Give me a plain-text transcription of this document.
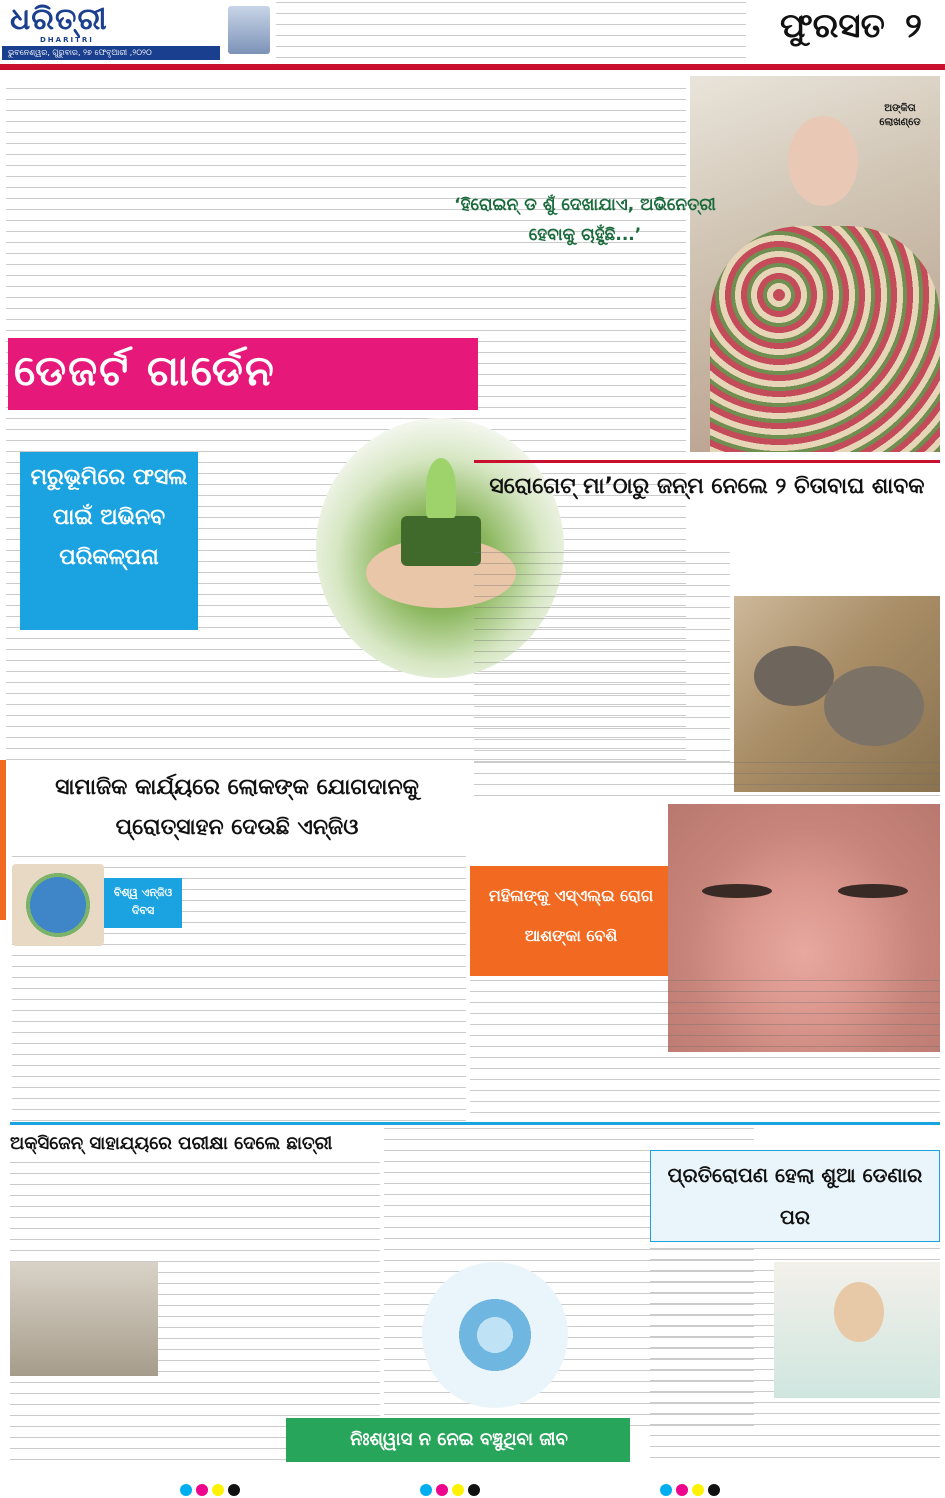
ଧରିତ୍ରୀ
DHARITRI
ଭୁବନେଶ୍ୱର, ଗୁରୁବାର, ୨୭ ଫେବୃଆରୀ ,୨୦୨୦
ଫୁରସତ ୨
ଡେଜର୍ଟ ଗାର୍ଡେନ
ମରୁଭୂମିରେ ଫସଲ ପାଇଁ ଅଭିନବ ପରିକଳ୍ପନା
ଅଙ୍କିତା ଲୋଖଣ୍ଡେ
‘ହିରୋଇନ୍ ଡ ଶୁଁ ଦେଖାଯାଏ, ଅଭିନେତ୍ରୀ ହେବାକୁ ଚାହୁଁଛି...’
ସରୋଗେଟ୍ ମା’ଠାରୁ ଜନ୍ମ ନେଲେ ୨ ଚିତାବାଘ ଶାବକ
ସାମାଜିକ କାର୍ଯ୍ୟରେ ଲୋକଙ୍କ ଯୋଗଦାନକୁ ପ୍ରୋତ୍ସାହନ ଦେଉଛି ଏନ୍‌ଜିଓ
ବିଶ୍ୱ ଏନ୍‌ଜିଓ
ଦିବସ
ମହିଳାଙ୍କୁ ଏସ୍‌ଏଲ୍‌ଇ ରୋଗ ଆଶଙ୍କା ବେଶି
ଅକ୍ସିଜେନ୍ ସାହାଯ୍ୟରେ ପରୀକ୍ଷା ଦେଲେ ଛାତ୍ରୀ
ନିଃଶ୍ୱାସ ନ ନେଇ ବଞ୍ଚୁଥିବା ଜୀବ
ପ୍ରତିରୋପଣ ହେଲା ଶୁଆ ଡେଣାର ପର
